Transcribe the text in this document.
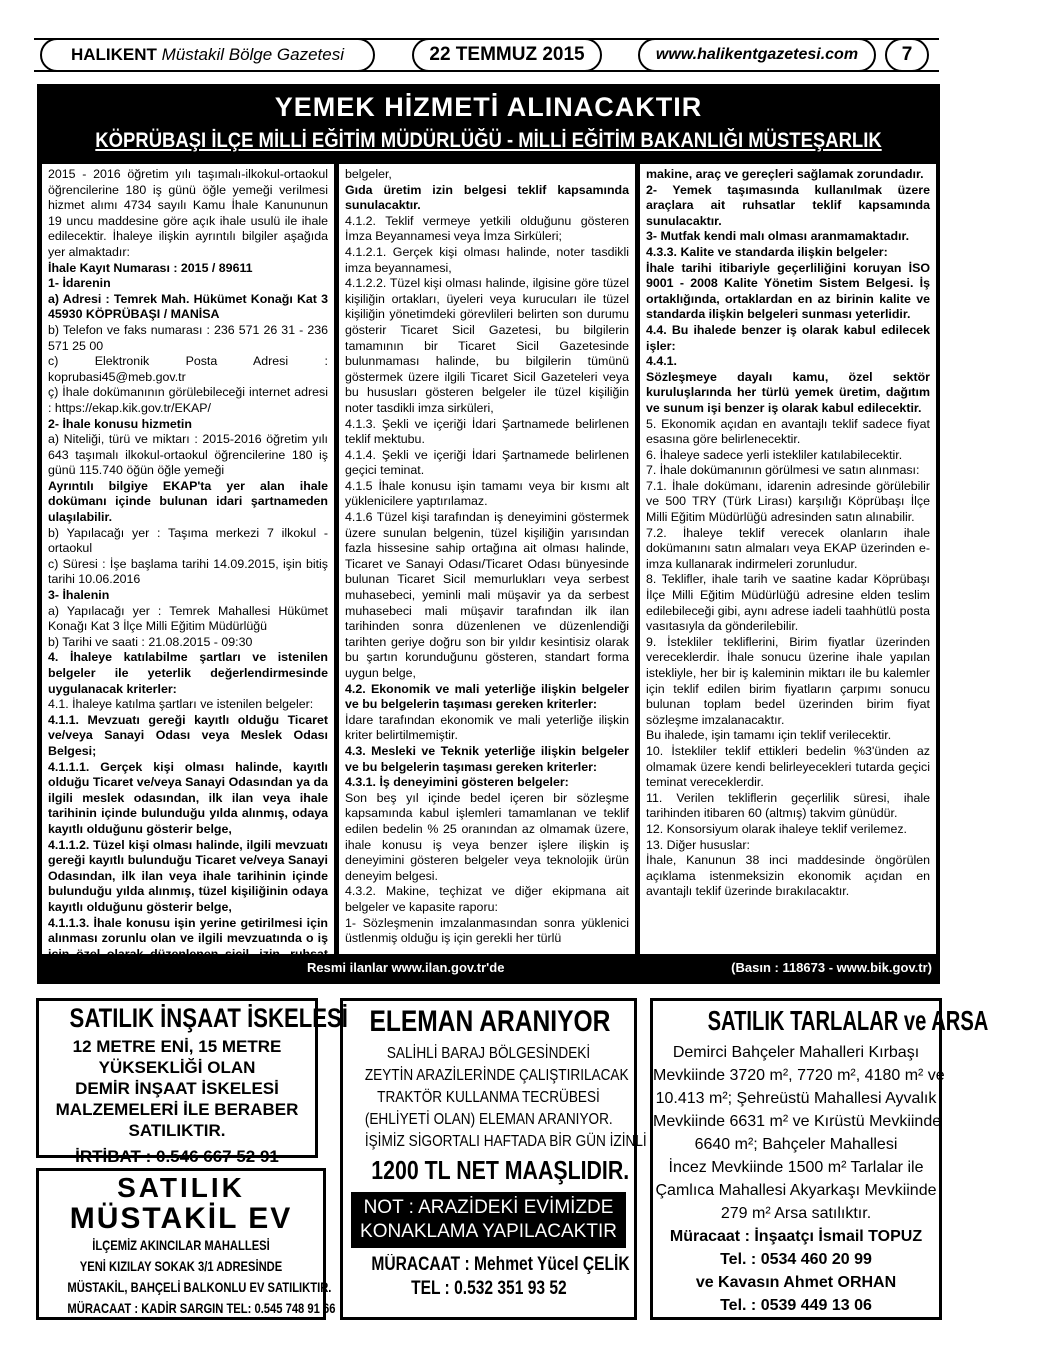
HALIKENT
Müstakil Bölge Gazetesi	22 TEMMUZ 2015	www.halikentgazetesi.com	7
YEMEK HİZMETİ ALINACAKTIR
KÖPRÜBAŞI İLÇE MİLLİ EĞİTİM MÜDÜRLÜĞÜ - MİLLİ EĞİTİM BAKANLIĞI MÜSTEŞARLIK

2015 - 2016 öğretim yılı taşımalı-ilkokul-ortaokul öğrencilerine 180 iş günü öğle yemeği verilmesi hizmet alımı 4734 sayılı Kamu İhale Kanununun 19 uncu maddesine göre açık ihale usulü ile ihale edilecektir. İhaleye ilişkin ayrıntılı bilgiler aşağıda yer almaktadır:

İhale Kayıt Numarası : 2015 / 89611

1- İdarenin

a) Adresi : Temrek Mah. Hükümet Konağı Kat 3 45930 KÖPRÜBAŞI / MANİSA

b) Telefon ve faks numarası : 236 571 26 31 - 236 571 25 00

c) Elektronik Posta Adresi : koprubasi45@meb.gov.tr

ç) İhale dokümanının görülebileceği internet adresi : https://ekap.kik.gov.tr/EKAP/

2- İhale konusu hizmetin

a) Niteliği, türü ve miktarı : 2015-2016 öğretim yılı 643 taşımalı ilkokul-ortaokul öğrencilerine 180 iş günü 115.740 öğün öğle yemeği

Ayrıntılı bilgiye EKAP'ta yer alan ihale dokümanı içinde bulunan idari şartnameden ulaşılabilir.

b) Yapılacağı yer : Taşıma merkezi 7 ilkokul - ortaokul

c) Süresi : İşe başlama tarihi 14.09.2015, işin bitiş tarihi 10.06.2016

3- İhalenin

a) Yapılacağı yer : Temrek Mahallesi Hükümet Konağı Kat 3 İlçe Milli Eğitim Müdürlüğü

b) Tarihi ve saati : 21.08.2015 - 09:30

4. İhaleye katılabilme şartları ve istenilen belgeler ile yeterlik değerlendirmesinde uygulanacak kriterler:

4.1. İhaleye katılma şartları ve istenilen belgeler:

4.1.1. Mevzuatı gereği kayıtlı olduğu Ticaret ve/veya Sanayi Odası veya Meslek Odası Belgesi;

4.1.1.1. Gerçek kişi olması halinde, kayıtlı olduğu Ticaret ve/veya Sanayi Odasından ya da ilgili meslek odasından, ilk ilan veya ihale tarihinin içinde bulunduğu yılda alınmış, odaya kayıtlı olduğunu gösterir belge,

4.1.1.2. Tüzel kişi olması halinde, ilgili mevzuatı gereği kayıtlı bulunduğu Ticaret ve/veya Sanayi Odasından, ilk ilan veya ihale tarihinin içinde bulunduğu yılda alınmış, tüzel kişiliğinin odaya kayıtlı olduğunu gösterir belge,

4.1.1.3. İhale konusu işin yerine getirilmesi için alınması zorunlu olan ve ilgili mevzuatında o iş için özel olarak düzenlenen sicil, izin, ruhsat vb.

belgeler,

Gıda üretim izin belgesi teklif kapsamında sunulacaktır.

4.1.2. Teklif vermeye yetkili olduğunu gösteren İmza Beyannamesi veya İmza Sirküleri;

4.1.2.1. Gerçek kişi olması halinde, noter tasdikli imza beyannamesi,

4.1.2.2. Tüzel kişi olması halinde, ilgisine göre tüzel kişiliğin ortakları, üyeleri veya kurucuları ile tüzel kişiliğin yönetimdeki görevlileri belirten son durumu gösterir Ticaret Sicil Gazetesi, bu bilgilerin tamamının bir Ticaret Sicil Gazetesinde bulunmaması halinde, bu bilgilerin tümünü göstermek üzere ilgili Ticaret Sicil Gazeteleri veya bu hususları gösteren belgeler ile tüzel kişiliğin noter tasdikli imza sirküleri,

4.1.3. Şekli ve içeriği İdari Şartnamede belirlenen teklif mektubu.

4.1.4. Şekli ve içeriği İdari Şartnamede belirlenen geçici teminat.

4.1.5 İhale konusu işin tamamı veya bir kısmı alt yüklenicilere yaptırılamaz.

4.1.6 Tüzel kişi tarafından iş deneyimini göstermek üzere sunulan belgenin, tüzel kişiliğin yarısından fazla hissesine sahip ortağına ait olması halinde, Ticaret ve Sanayi Odası/Ticaret Odası bünyesinde bulunan Ticaret Sicil memurlukları veya serbest muhasebeci, yeminli mali müşavir ya da serbest muhasebeci mali müşavir tarafından ilk ilan tarihinden sonra düzenlenen ve düzenlendiği tarihten geriye doğru son bir yıldır kesintisiz olarak bu şartın korunduğunu gösteren, standart forma uygun belge,

4.2. Ekonomik ve mali yeterliğe ilişkin belgeler ve bu belgelerin taşıması gereken kriterler:

İdare tarafından ekonomik ve mali yeterliğe ilişkin kriter belirtilmemiştir.

4.3. Mesleki ve Teknik yeterliğe ilişkin belgeler ve bu belgelerin taşıması gereken kriterler:

4.3.1. İş deneyimini gösteren belgeler:

Son beş yıl içinde bedel içeren bir sözleşme kapsamında kabul işlemleri tamamlanan ve teklif edilen bedelin % 25 oranından az olmamak üzere, ihale konusu iş veya benzer işlere ilişkin iş deneyimini gösteren belgeler veya teknolojik ürün deneyim belgesi.

4.3.2. Makine, teçhizat ve diğer ekipmana ait belgeler ve kapasite raporu:

1- Sözleşmenin imzalanmasından sonra yüklenici üstlenmiş olduğu iş için gerekli her türlü

makine, araç ve gereçleri sağlamak zorundadır.

2- Yemek taşımasında kullanılmak üzere araçlara ait ruhsatlar teklif kapsamında sunulacaktır.

3- Mutfak kendi malı olması aranmamaktadır.

4.3.3. Kalite ve standarda ilişkin belgeler:

İhale tarihi itibariyle geçerliliğini koruyan İSO 9001 - 2008 Kalite Yönetim Sistem Belgesi. İş ortaklığında, ortaklardan en az birinin kalite ve standarda ilişkin belgeleri sunması yeterlidir.

4.4. Bu ihalede benzer iş olarak kabul edilecek işler:

4.4.1.

Sözleşmeye dayalı kamu, özel sektör kuruluşlarında her türlü yemek üretim, dağıtım ve sunum işi benzer iş olarak kabul edilecektir.

5. Ekonomik açıdan en avantajlı teklif sadece fiyat esasına göre belirlenecektir.

6. İhaleye sadece yerli istekliler katılabilecektir.

7. İhale dokümanının görülmesi ve satın alınması:

7.1. İhale dokümanı, idarenin adresinde görülebilir ve 500 TRY (Türk Lirası) karşılığı Köprübaşı İlçe Milli Eğitim Müdürlüğü adresinden satın alınabilir.

7.2. İhaleye teklif verecek olanların ihale dokümanını satın almaları veya EKAP üzerinden e-imza kullanarak indirmeleri zorunludur.

8. Teklifler, ihale tarih ve saatine kadar Köprübaşı İlçe Milli Eğitim Müdürlüğü adresine elden teslim edilebileceği gibi, aynı adrese iadeli taahhütlü posta vasıtasıyla da gönderilebilir.

9. İstekliler tekliflerini, Birim fiyatlar üzerinden vereceklerdir. İhale sonucu üzerine ihale yapılan istekliyle, her bir iş kaleminin miktarı ile bu kalemler için teklif edilen birim fiyatların çarpımı sonucu bulunan toplam bedel üzerinden birim fiyat sözleşme imzalanacaktır.

Bu ihalede, işin tamamı için teklif verilecektir.

10. İstekliler teklif ettikleri bedelin %3'ünden az olmamak üzere kendi belirleyecekleri tutarda geçici teminat vereceklerdir.

11. Verilen tekliflerin geçerlilik süresi, ihale tarihinden itibaren 60 (altmış) takvim günüdür.

12. Konsorsiyum olarak ihaleye teklif verilemez.

13. Diğer hususlar:

İhale, Kanunun 38 inci maddesinde öngörülen açıklama istenmeksizin ekonomik açıdan en avantajlı teklif üzerinde bırakılacaktır.

Resmi ilanlar www.ilan.gov.tr'de	(Basın : 118673 - www.bik.gov.tr)
SATILIK İNŞAAT İSKELESİ
12 METRE ENİ, 15 METRE
YÜKSEKLİĞİ OLAN
DEMİR İNŞAAT İSKELESİ
MALZEMELERİ İLE BERABER
SATILIKTIR.
İRTİBAT : 0.546 667 52 91
SATILIK
MÜSTAKİL EV
İLÇEMİZ AKINCILAR MAHALLESİ
YENİ KIZILAY SOKAK 3/1 ADRESİNDE
MÜSTAKİL, BAHÇELİ BALKONLU EV SATILIKTIR.
MÜRACAAT : KADİR SARGIN TEL: 0.545 748 91 66
ELEMAN ARANIYOR
SALİHLİ BARAJ BÖLGESİNDEKİ
ZEYTİN ARAZİLERİNDE ÇALIŞTIRILACAK
TRAKTÖR KULLANMA TECRÜBESİ
(EHLİYETİ OLAN) ELEMAN ARANIYOR.
İŞİMİZ SİGORTALI HAFTADA BİR GÜN İZİNLİ
1200 TL NET MAAŞLIDIR.
NOT : ARAZİDEKİ EVİMİZDE
KONAKLAMA YAPILACAKTIR
MÜRACAAT : Mehmet Yücel ÇELİK
TEL : 0.532 351 93 52
SATILIK TARLALAR ve ARSA
Demirci Bahçeler Mahalleri Kırbaşı
Mevkiinde 3720 m², 7720 m², 4180 m² ve
10.413 m²; Şehreüstü Mahallesi Ayvalık
Mevkiinde 6631 m² ve Kırüstü Mevkiinde
6640 m²; Bahçeler Mahallesi
İncez Mevkiinde 1500 m² Tarlalar ile
Çamlıca Mahallesi Akyarkaşı Mevkiinde
279 m² Arsa satılıktır.
Müracaat : İnşaatçı İsmail TOPUZ
Tel. : 0534 460 20 99
ve Kavasın Ahmet ORHAN
Tel. : 0539 449 13 06
